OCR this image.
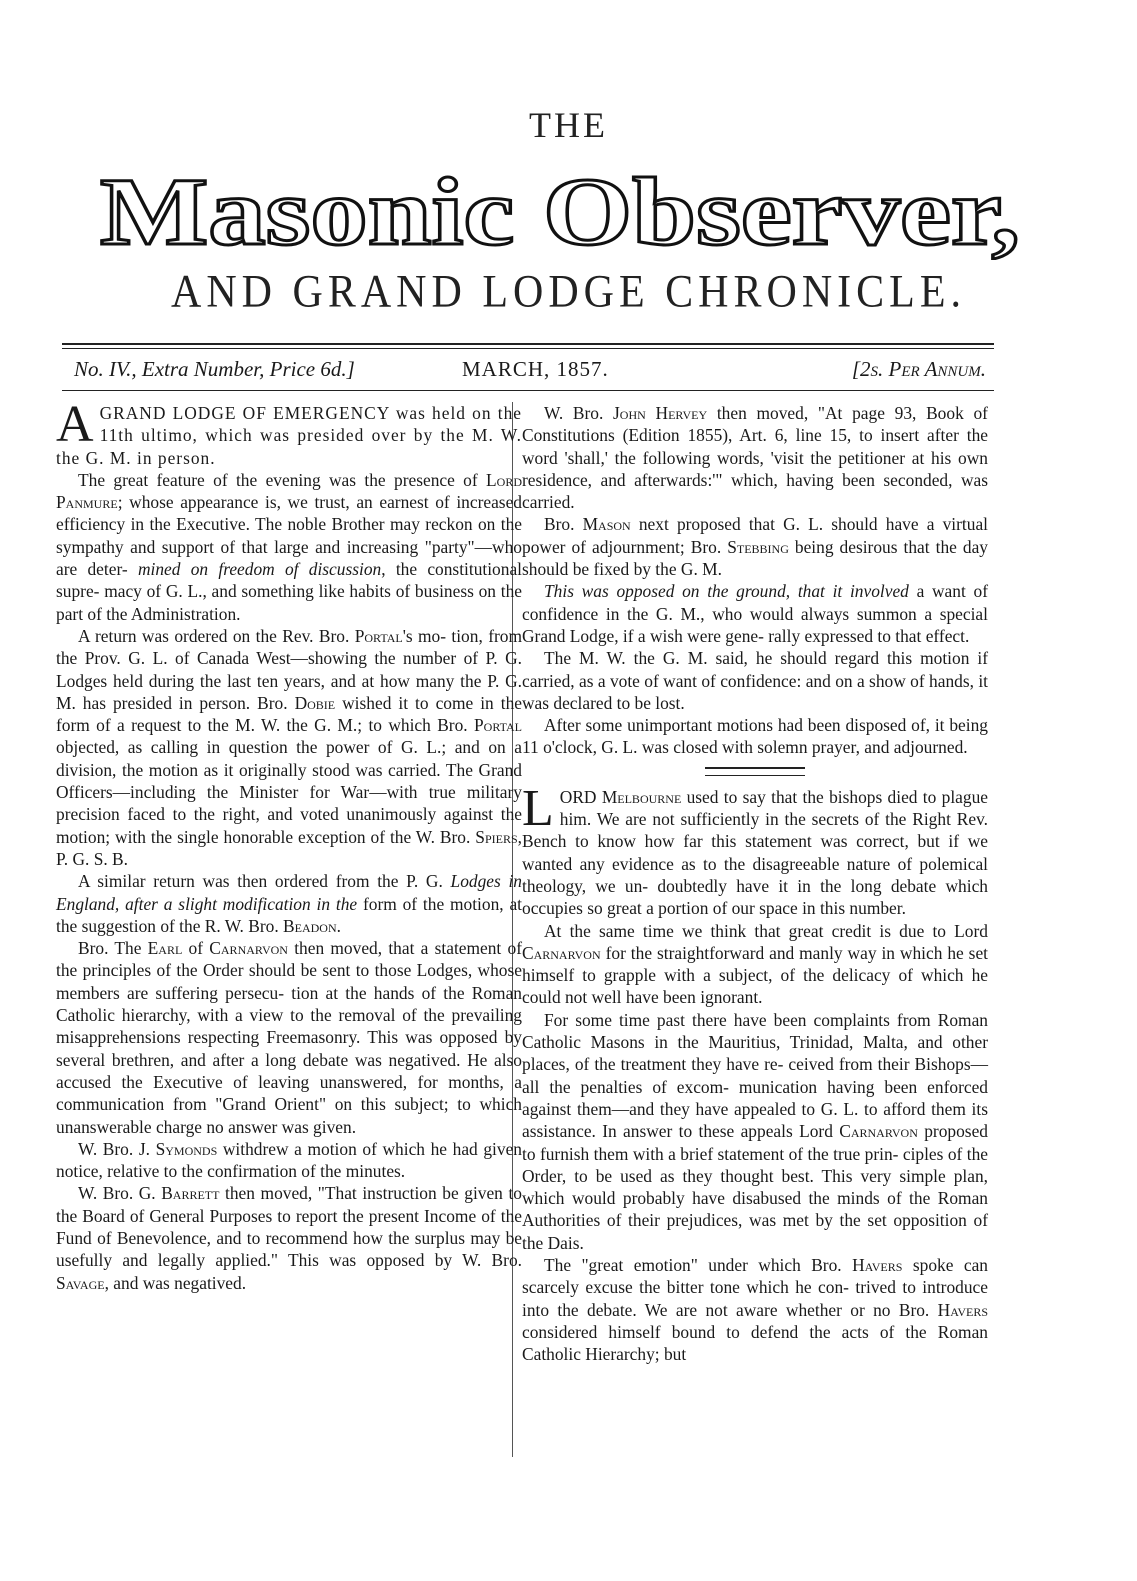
THE
Masonic Observer,
AND GRAND LODGE CHRONICLE.
No. IV., Extra Number, Price 6d.]	MARCH, 1857.	[2s. Per Annum.

A GRAND LODGE OF EMERGENCY was held on the 11th ultimo, which was presided over by the M. W. the G. M. in person.

The great feature of the evening was the presence of Lord Panmure; whose appearance is, we trust, an earnest of increased efficiency in the Executive. The noble Brother may reckon on the sympathy and support of that large and increasing "party"—who are deter- mined on freedom of discussion, the constitutional supre- macy of G. L., and something like habits of business on the part of the Administration.

A return was ordered on the Rev. Bro. Portal's mo- tion, from the Prov. G. L. of Canada West—showing the number of P. G. Lodges held during the last ten years, and at how many the P. G. M. has presided in person. Bro. Dobie wished it to come in the form of a request to the M. W. the G. M.; to which Bro. Portal objected, as calling in question the power of G. L.; and on a division, the motion as it originally stood was carried. The Grand Officers—including the Minister for War—with true military precision faced to the right, and voted unanimously against the motion; with the single honorable exception of the W. Bro. Spiers, P. G. S. B.

A similar return was then ordered from the P. G. Lodges in England, after a slight modification in the form of the motion, at the suggestion of the R. W. Bro. Beadon.

Bro. The Earl of Carnarvon then moved, that a statement of the principles of the Order should be sent to those Lodges, whose members are suffering persecu- tion at the hands of the Roman Catholic hierarchy, with a view to the removal of the prevailing misapprehensions respecting Freemasonry. This was opposed by several brethren, and after a long debate was negatived. He also accused the Executive of leaving unanswered, for months, a communication from "Grand Orient" on this subject; to which unanswerable charge no answer was given.

W. Bro. J. Symonds withdrew a motion of which he had given notice, relative to the confirmation of the minutes.

W. Bro. G. Barrett then moved, "That instruction be given to the Board of General Purposes to report the present Income of the Fund of Benevolence, and to recommend how the surplus may be usefully and legally applied." This was opposed by W. Bro. Savage, and was negatived.

W. Bro. John Hervey then moved, "At page 93, Book of Constitutions (Edition 1855), Art. 6, line 15, to insert after the word 'shall,' the following words, 'visit the petitioner at his own residence, and afterwards:'" which, having been seconded, was carried.

Bro. Mason next proposed that G. L. should have a virtual power of adjournment; Bro. Stebbing being desirous that the day should be fixed by the G. M.

This was opposed on the ground, that it involved a want of confidence in the G. M., who would always summon a special Grand Lodge, if a wish were gene- rally expressed to that effect.

The M. W. the G. M. said, he should regard this motion if carried, as a vote of want of confidence: and on a show of hands, it was declared to be lost.

After some unimportant motions had been disposed of, it being 11 o'clock, G. L. was closed with solemn prayer, and adjourned.

LORD Melbourne used to say that the bishops died to plague him. We are not sufficiently in the secrets of the Right Rev. Bench to know how far this statement was correct, but if we wanted any evidence as to the disagreeable nature of polemical theology, we un- doubtedly have it in the long debate which occupies so great a portion of our space in this number.

At the same time we think that great credit is due to Lord Carnarvon for the straightforward and manly way in which he set himself to grapple with a subject, of the delicacy of which he could not well have been ignorant.

For some time past there have been complaints from Roman Catholic Masons in the Mauritius, Trinidad, Malta, and other places, of the treatment they have re- ceived from their Bishops—all the penalties of excom- munication having been enforced against them—and they have appealed to G. L. to afford them its assistance. In answer to these appeals Lord Carnarvon proposed to furnish them with a brief statement of the true prin- ciples of the Order, to be used as they thought best. This very simple plan, which would probably have disabused the minds of the Roman Authorities of their prejudices, was met by the set opposition of the Dais.

The "great emotion" under which Bro. Havers spoke can scarcely excuse the bitter tone which he con- trived to introduce into the debate. We are not aware whether or no Bro. Havers considered himself bound to defend the acts of the Roman Catholic Hierarchy; but
